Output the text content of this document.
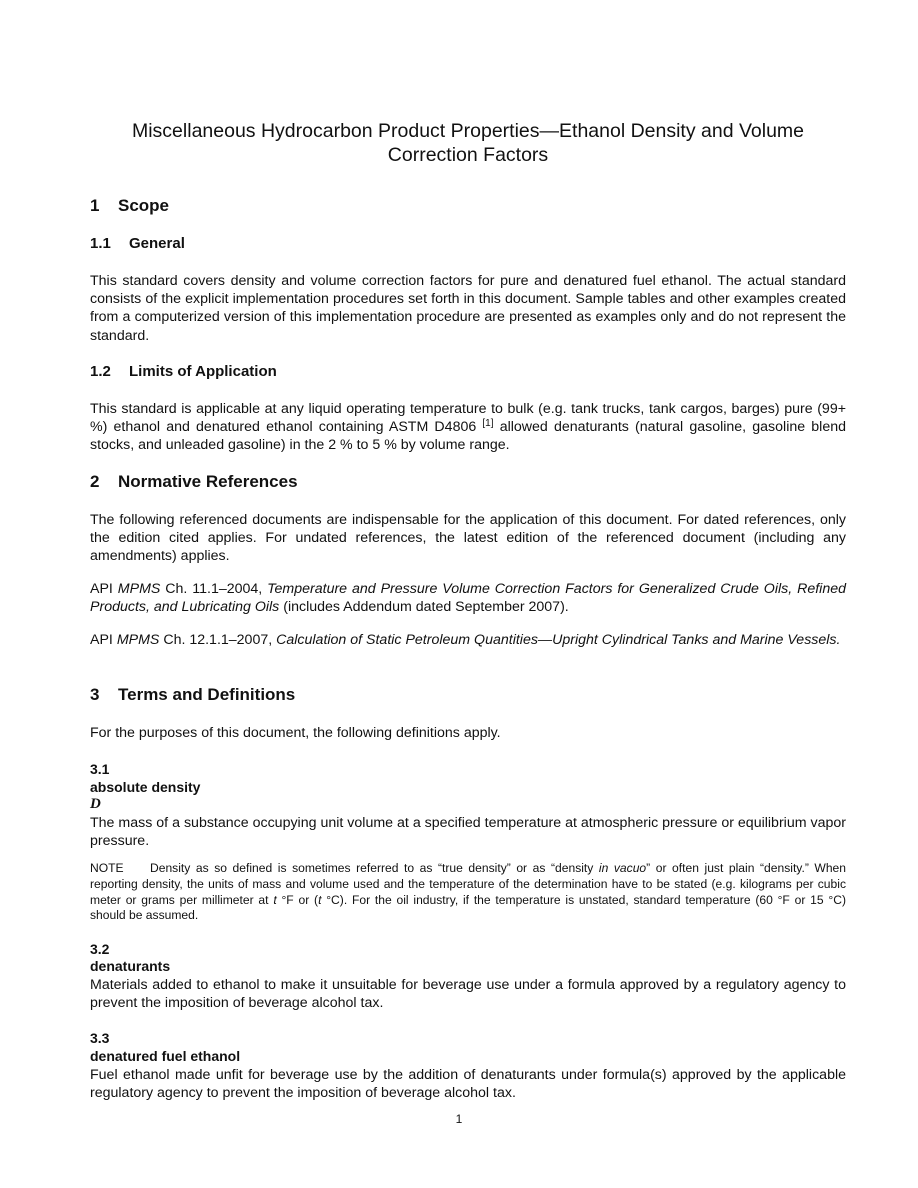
Miscellaneous Hydrocarbon Product Properties—Ethanol Density and Volume Correction Factors
1 Scope
1.1 General

This standard covers density and volume correction factors for pure and denatured fuel ethanol. The actual standard consists of the explicit implementation procedures set forth in this document. Sample tables and other examples created from a computerized version of this implementation procedure are presented as examples only and do not represent the standard.

1.2 Limits of Application

This standard is applicable at any liquid operating temperature to bulk (e.g. tank trucks, tank cargos, barges) pure (99+ %) ethanol and denatured ethanol containing ASTM D4806 [1] allowed denaturants (natural gasoline, gasoline blend stocks, and unleaded gasoline) in the 2 % to 5 % by volume range.

2 Normative References

The following referenced documents are indispensable for the application of this document. For dated references, only the edition cited applies. For undated references, the latest edition of the referenced document (including any amendments) applies.

API MPMS Ch. 11.1–2004, Temperature and Pressure Volume Correction Factors for Generalized Crude Oils, Refined Products, and Lubricating Oils (includes Addendum dated September 2007).

API MPMS Ch. 12.1.1–2007, Calculation of Static Petroleum Quantities—Upright Cylindrical Tanks and Marine Vessels.

3 Terms and Definitions

For the purposes of this document, the following definitions apply.

3.1
absolute density
D

The mass of a substance occupying unit volume at a specified temperature at atmospheric pressure or equilibrium vapor pressure.

NOTE Density as so defined is sometimes referred to as “true density” or as “density in vacuo” or often just plain “density.” When reporting density, the units of mass and volume used and the temperature of the determination have to be stated (e.g. kilograms per cubic meter or grams per millimeter at t °F or (t °C). For the oil industry, if the temperature is unstated, standard temperature (60 °F or 15 °C) should be assumed.

3.2
denaturants

Materials added to ethanol to make it unsuitable for beverage use under a formula approved by a regulatory agency to prevent the imposition of beverage alcohol tax.

3.3
denatured fuel ethanol

Fuel ethanol made unfit for beverage use by the addition of denaturants under formula(s) approved by the applicable regulatory agency to prevent the imposition of beverage alcohol tax.

1
